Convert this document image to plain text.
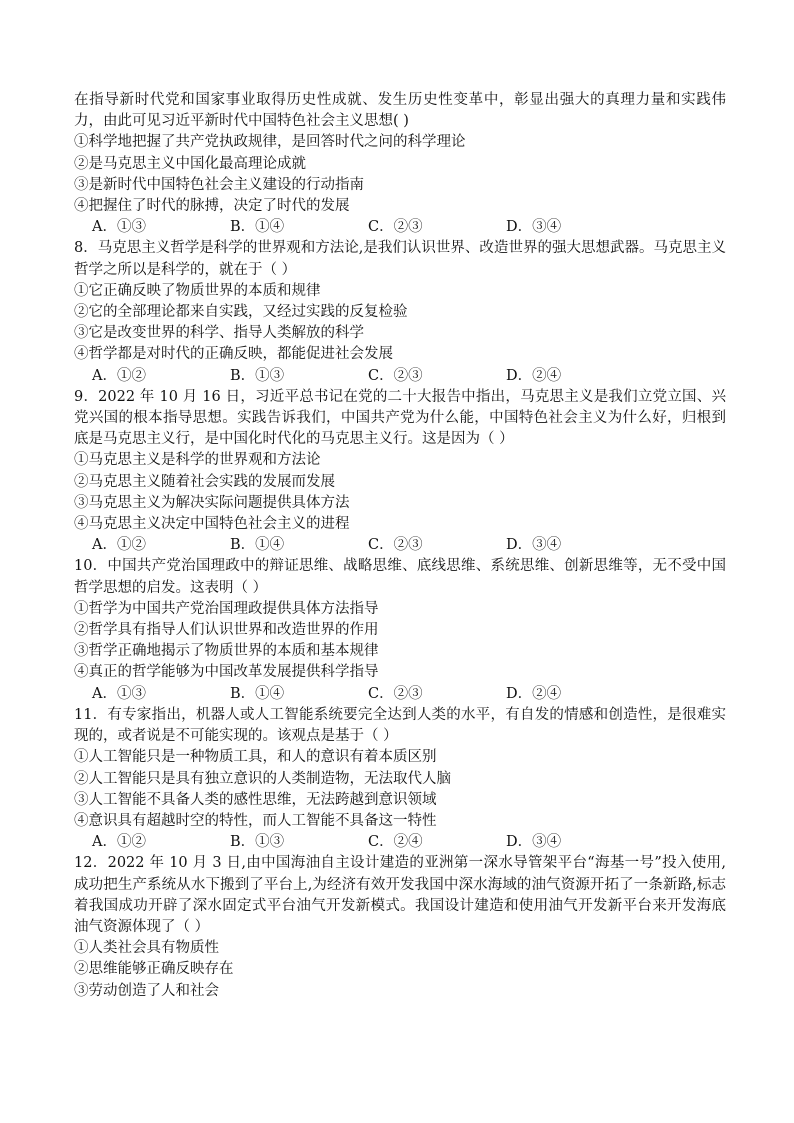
在指导新时代党和国家事业取得历史性成就、发生历史性变革中，彰显出强大的真理力量和实践伟力，由此可见习近平新时代中国特色社会主义思想( )

①科学地把握了共产党执政规律，是回答时代之问的科学理论

②是马克思主义中国化最高理论成就

③是新时代中国特色社会主义建设的行动指南

④把握住了时代的脉搏，决定了时代的发展

A．①③	B．①④	C．②③	D．③④

8．马克思主义哲学是科学的世界观和方法论,是我们认识世界、改造世界的强大思想武器。马克思主义哲学之所以是科学的，就在于（ ）

①它正确反映了物质世界的本质和规律

②它的全部理论都来自实践，又经过实践的反复检验

③它是改变世界的科学、指导人类解放的科学

④哲学都是对时代的正确反映，都能促进社会发展

A．①②	B．①③	C．②③	D．②④

9．2022 年 10 月 16 日，习近平总书记在党的二十大报告中指出，马克思主义是我们立党立国、兴党兴国的根本指导思想。实践告诉我们，中国共产党为什么能，中国特色社会主义为什么好，归根到底是马克思主义行，是中国化时代化的马克思主义行。这是因为（ ）

①马克思主义是科学的世界观和方法论

②马克思主义随着社会实践的发展而发展

③马克思主义为解决实际问题提供具体方法

④马克思主义决定中国特色社会主义的进程

A．①②	B．①④	C．②③	D．③④

10．中国共产党治国理政中的辩证思维、战略思维、底线思维、系统思维、创新思维等，无不受中国哲学思想的启发。这表明（ ）

①哲学为中国共产党治国理政提供具体方法指导

②哲学具有指导人们认识世界和改造世界的作用

③哲学正确地揭示了物质世界的本质和基本规律

④真正的哲学能够为中国改革发展提供科学指导

A．①③	B．①④	C．②③	D．②④

11．有专家指出，机器人或人工智能系统要完全达到人类的水平，有自发的情感和创造性，是很难实现的，或者说是不可能实现的。该观点是基于（ ）

①人工智能只是一种物质工具，和人的意识有着本质区别

②人工智能只是具有独立意识的人类制造物，无法取代人脑

③人工智能不具备人类的感性思维，无法跨越到意识领域

④意识具有超越时空的特性，而人工智能不具备这一特性

A．①②	B．①③	C．②④	D．③④

12．2022 年 10 月 3 日,由中国海油自主设计建造的亚洲第一深水导管架平台“海基一号”投入使用,成功把生产系统从水下搬到了平台上,为经济有效开发我国中深水海域的油气资源开拓了一条新路,标志着我国成功开辟了深水固定式平台油气开发新模式。我国设计建造和使用油气开发新平台来开发海底油气资源体现了（ ）

①人类社会具有物质性

②思维能够正确反映存在

③劳动创造了人和社会
